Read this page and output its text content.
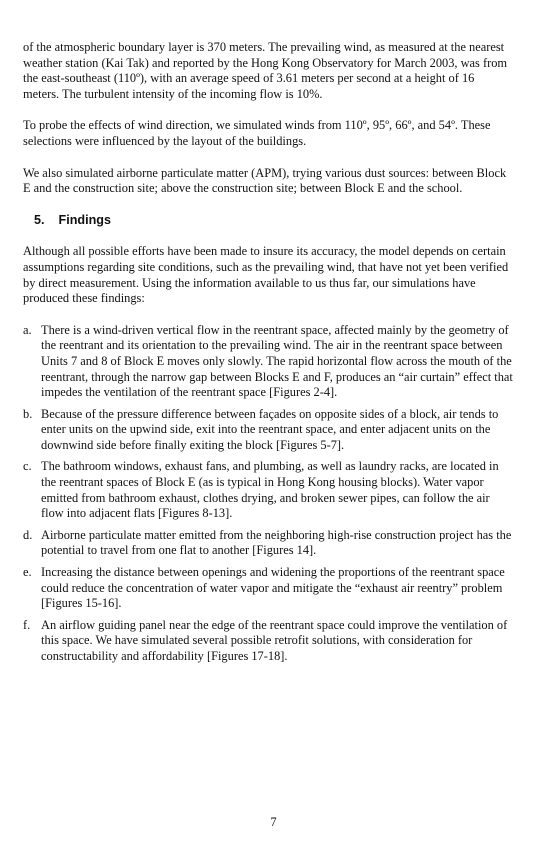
of the atmospheric boundary layer is 370 meters. The prevailing wind, as measured at the nearest weather station (Kai Tak) and reported by the Hong Kong Observatory for March 2003, was from the east-southeast (110º), with an average speed of 3.61 meters per second at a height of 16 meters. The turbulent intensity of the incoming flow is 10%.

To probe the effects of wind direction, we simulated winds from 110º, 95º, 66º, and 54º. These selections were influenced by the layout of the buildings.

We also simulated airborne particulate matter (APM), trying various dust sources: between Block E and the construction site; above the construction site; between Block E and the school.

5. Findings

Although all possible efforts have been made to insure its accuracy, the model depends on certain assumptions regarding site conditions, such as the prevailing wind, that have not yet been verified by direct measurement. Using the information available to us thus far, our simulations have produced these findings:

a. There is a wind-driven vertical flow in the reentrant space, affected mainly by the geometry of the reentrant and its orientation to the prevailing wind. The air in the reentrant space between Units 7 and 8 of Block E moves only slowly. The rapid horizontal flow across the mouth of the reentrant, through the narrow gap between Blocks E and F, produces an “air curtain” effect that impedes the ventilation of the reentrant space [Figures 2-4].
b. Because of the pressure difference between façades on opposite sides of a block, air tends to enter units on the upwind side, exit into the reentrant space, and enter adjacent units on the downwind side before finally exiting the block [Figures 5-7].
c. The bathroom windows, exhaust fans, and plumbing, as well as laundry racks, are located in the reentrant spaces of Block E (as is typical in Hong Kong housing blocks). Water vapor emitted from bathroom exhaust, clothes drying, and broken sewer pipes, can follow the air flow into adjacent flats [Figures 8-13].
d. Airborne particulate matter emitted from the neighboring high-rise construction project has the potential to travel from one flat to another [Figures 14].
e. Increasing the distance between openings and widening the proportions of the reentrant space could reduce the concentration of water vapor and mitigate the “exhaust air reentry” problem [Figures 15-16].
f. An airflow guiding panel near the edge of the reentrant space could improve the ventilation of this space. We have simulated several possible retrofit solutions, with consideration for constructability and affordability [Figures 17-18].
7
